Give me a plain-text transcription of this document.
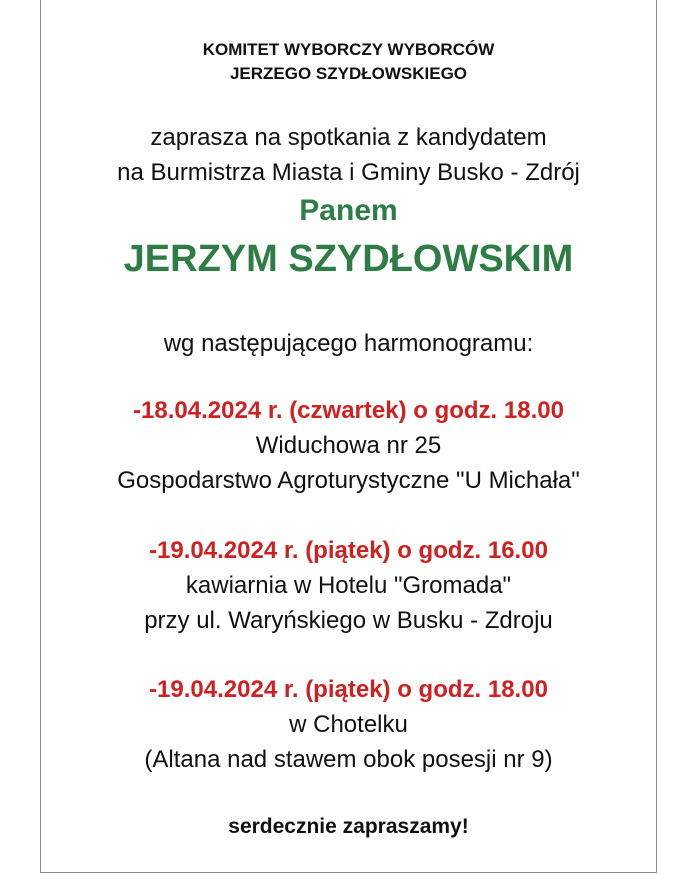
KOMITET WYBORCZY WYBORCÓW
JERZEGO SZYDŁOWSKIEGO
zaprasza na spotkania z kandydatem
na Burmistrza Miasta i Gminy Busko - Zdrój
Panem
JERZYM SZYDŁOWSKIM
wg następującego harmonogramu:
-18.04.2024 r. (czwartek) o godz. 18.00
Widuchowa nr 25
Gospodarstwo Agroturystyczne "U Michała"
-19.04.2024 r. (piątek) o godz. 16.00
kawiarnia w Hotelu "Gromada"
przy ul. Waryńskiego w Busku - Zdroju
-19.04.2024 r. (piątek) o godz. 18.00
w Chotelku
(Altana nad stawem obok posesji nr 9)
serdecznie zapraszamy!
